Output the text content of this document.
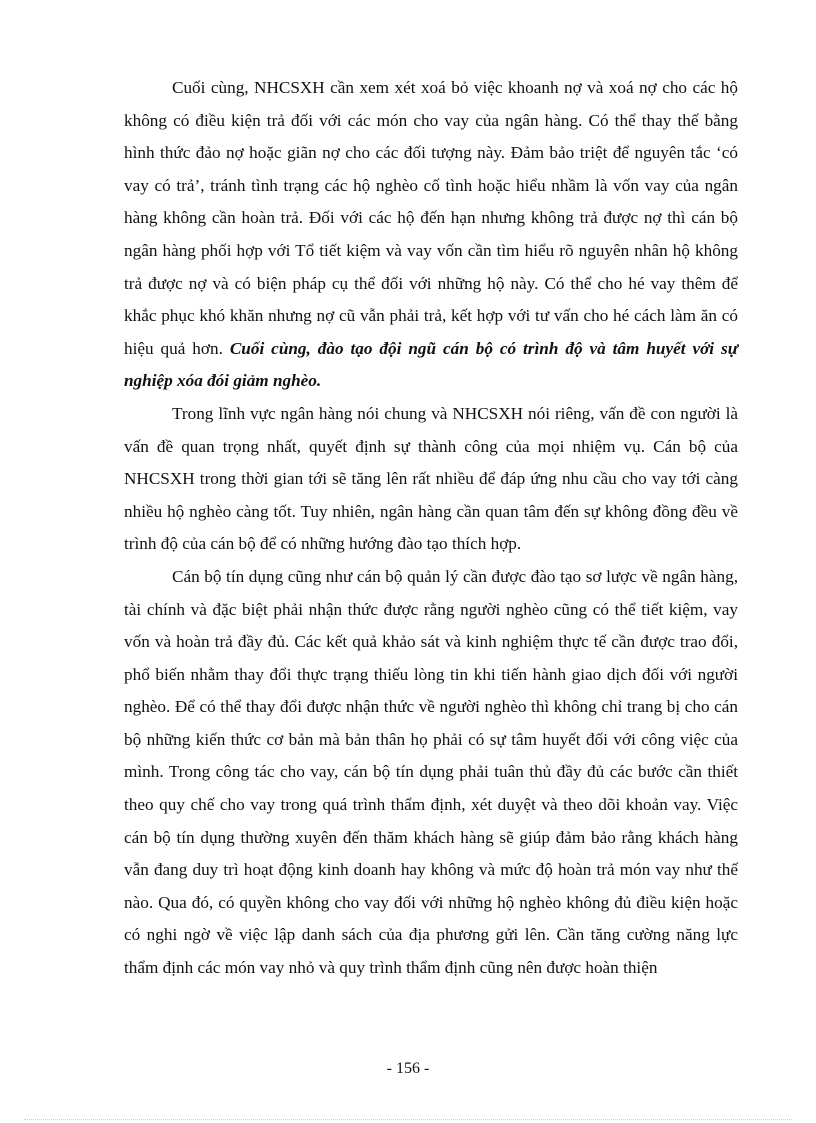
Cuối cùng, NHCSXH cần xem xét xoá bỏ việc khoanh nợ và xoá nợ cho các hộ không có điều kiện trả đối với các món cho vay của ngân hàng. Có thể thay thế bằng hình thức đảo nợ hoặc giãn nợ cho các đối tượng này. Đảm bảo triệt để nguyên tắc ‘có vay có trả’, tránh tình trạng các hộ nghèo cố tình hoặc hiểu nhầm là vốn vay của ngân hàng không cần hoàn trả. Đối với các hộ đến hạn nhưng không trả được nợ thì cán bộ ngân hàng phối hợp với Tổ tiết kiệm và vay vốn cần tìm hiểu rõ nguyên nhân hộ không trả được nợ và có biện pháp cụ thể đối với những hộ này. Có thể cho hé vay thêm để khắc phục khó khăn nhưng nợ cũ vẫn phải trả, kết hợp với tư vấn cho hé cách làm ăn có hiệu quả hơn. Cuối cùng, đào tạo đội ngũ cán bộ có trình độ và tâm huyết với sự nghiệp xóa đói giảm nghèo.

Trong lĩnh vực ngân hàng nói chung và NHCSXH nói riêng, vấn đề con người là vấn đề quan trọng nhất, quyết định sự thành công của mọi nhiệm vụ. Cán bộ của NHCSXH trong thời gian tới sẽ tăng lên rất nhiều để đáp ứng nhu cầu cho vay tới càng nhiều hộ nghèo càng tốt. Tuy nhiên, ngân hàng cần quan tâm đến sự không đồng đều về trình độ của cán bộ để có những hướng đào tạo thích hợp.

Cán bộ tín dụng cũng như cán bộ quản lý cần được đào tạo sơ lược về ngân hàng, tài chính và đặc biệt phải nhận thức được rằng người nghèo cũng có thể tiết kiệm, vay vốn và hoàn trả đầy đủ. Các kết quả khảo sát và kinh nghiệm thực tế cần được trao đổi, phổ biến nhằm thay đổi thực trạng thiếu lòng tin khi tiến hành giao dịch đối với người nghèo. Để có thể thay đổi được nhận thức về người nghèo thì không chỉ trang bị cho cán bộ những kiến thức cơ bản mà bản thân họ phải có sự tâm huyết đối với công việc của mình. Trong công tác cho vay, cán bộ tín dụng phải tuân thủ đầy đủ các bước cần thiết theo quy chế cho vay trong quá trình thẩm định, xét duyệt và theo dõi khoản vay. Việc cán bộ tín dụng thường xuyên đến thăm khách hàng sẽ giúp đảm bảo rằng khách hàng vẫn đang duy trì hoạt động kinh doanh hay không và mức độ hoàn trả món vay như thế nào. Qua đó, có quyền không cho vay đối với những hộ nghèo không đủ điều kiện hoặc có nghi ngờ về việc lập danh sách của địa phương gửi lên. Cần tăng cường năng lực thẩm định các món vay nhỏ và quy trình thẩm định cũng nên được hoàn thiện

- 156 -
